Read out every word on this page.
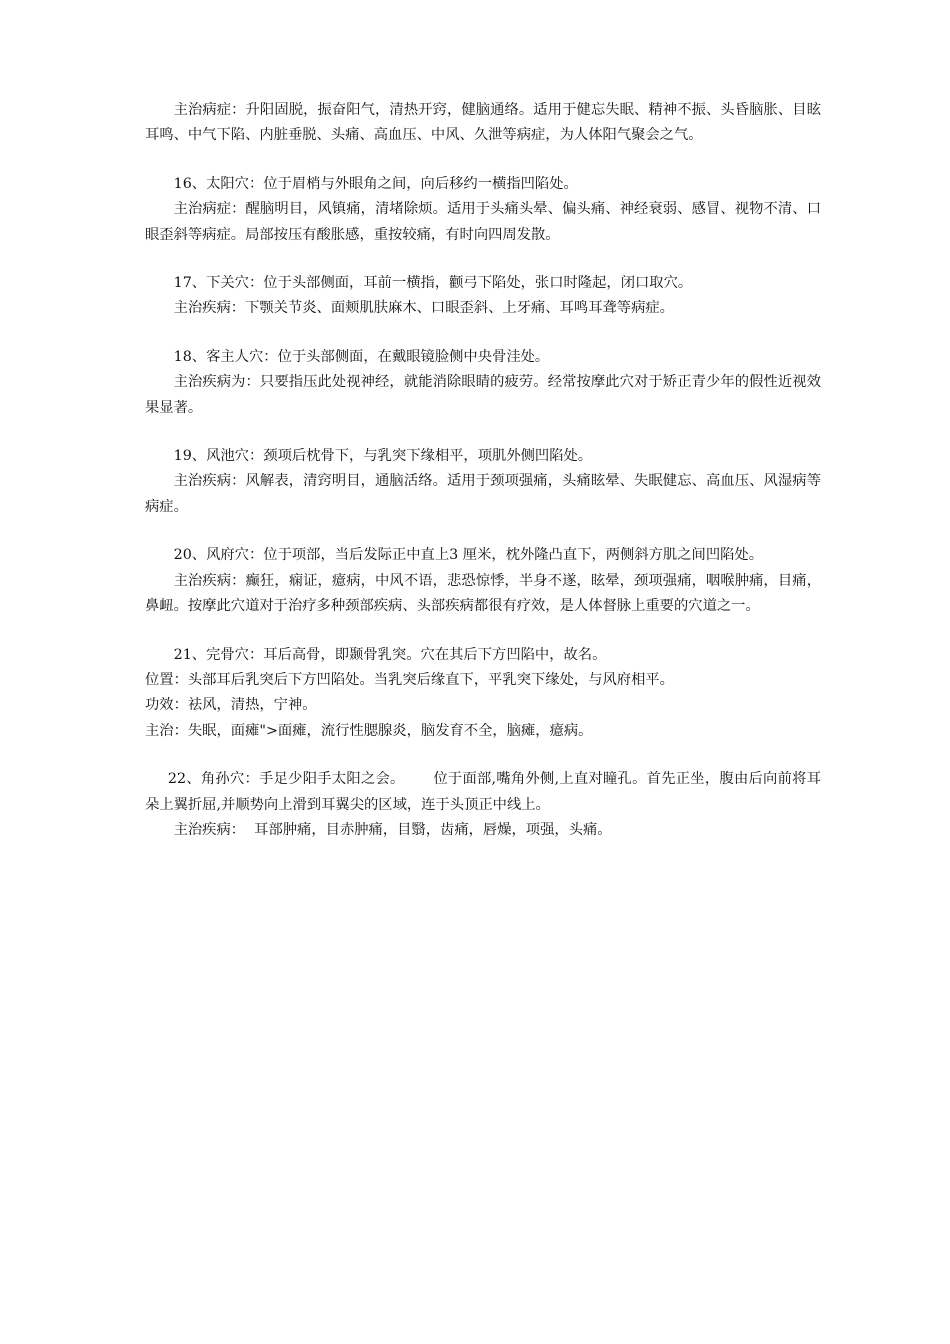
主治病症：升阳固脱，振奋阳气，清热开窍，健脑通络。适用于健忘失眠、精神不振、头昏脑胀、目眩耳鸣、中气下陷、内脏垂脱、头痛、高血压、中风、久泄等病症，为人体阳气聚会之气。

16、太阳穴：位于眉梢与外眼角之间，向后移约一横指凹陷处。

主治病症：醒脑明目，风镇痛，清堵除烦。适用于头痛头晕、偏头痛、神经衰弱、感冒、视物不清、口眼歪斜等病症。局部按压有酸胀感，重按较痛，有时向四周发散。

17、下关穴：位于头部侧面，耳前一横指，颧弓下陷处，张口时隆起，闭口取穴。

主治疾病：下颚关节炎、面颊肌肤麻木、口眼歪斜、上牙痛、耳鸣耳聋等病症。

18、客主人穴：位于头部侧面，在戴眼镜脸侧中央骨洼处。

主治疾病为：只要指压此处视神经，就能消除眼睛的疲劳。经常按摩此穴对于矫正青少年的假性近视效果显著。

19、风池穴：颈项后枕骨下，与乳突下缘相平，项肌外侧凹陷处。

主治疾病：风解表，清窍明目，通脑活络。适用于颈项强痛，头痛眩晕、失眠健忘、高血压、风湿病等病症。

20、风府穴：位于项部，当后发际正中直上3 厘米，枕外隆凸直下，两侧斜方肌之间凹陷处。

主治疾病：癫狂，痫证，癔病，中风不语，悲恐惊悸，半身不遂，眩晕，颈项强痛，咽喉肿痛，目痛，鼻衄。按摩此穴道对于治疗多种颈部疾病、头部疾病都很有疗效，是人体督脉上重要的穴道之一。

21、完骨穴：耳后高骨，即颞骨乳突。穴在其后下方凹陷中，故名。

位置：头部耳后乳突后下方凹陷处。当乳突后缘直下，平乳突下缘处，与风府相平。

功效：祛风，清热，宁神。

主治：失眠，面瘫">面瘫，流行性腮腺炎，脑发育不全，脑瘫，癔病。

22、角孙穴：手足少阳手太阳之会。      位于面部,嘴角外侧,上直对瞳孔。首先正坐，腹由后向前将耳朵上翼折屈,并顺势向上滑到耳翼尖的区域，连于头顶正中线上。

主治疾病：  耳部肿痛，目赤肿痛，目翳，齿痛，唇燥，项强，头痛。
